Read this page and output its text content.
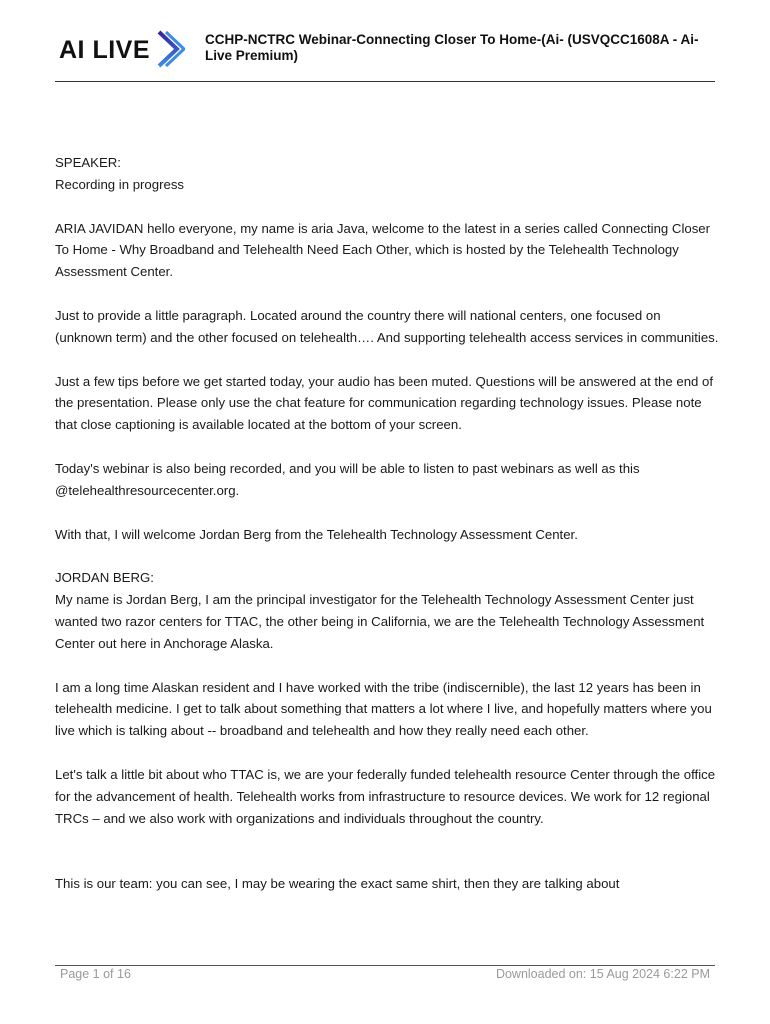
AI LIVE	CCHP-NCTRC Webinar-Connecting Closer To Home-(Ai- (USVQCC1608A - Ai-Live Premium)

SPEAKER:

Recording in progress

ARIA JAVIDAN hello everyone, my name is aria Java, welcome to the latest in a series called Connecting Closer To Home - Why Broadband and Telehealth Need Each Other, which is hosted by the Telehealth Technology Assessment Center.

Just to provide a little paragraph. Located around the country there will national centers, one focused on (unknown term) and the other focused on telehealth…. And supporting telehealth access services in communities.

Just a few tips before we get started today, your audio has been muted. Questions will be answered at the end of the presentation. Please only use the chat feature for communication regarding technology issues. Please note that close captioning is available located at the bottom of your screen.

Today's webinar is also being recorded, and you will be able to listen to past webinars as well as this @telehealthresourcecenter.org.

With that, I will welcome Jordan Berg from the Telehealth Technology Assessment Center.

JORDAN BERG:

My name is Jordan Berg, I am the principal investigator for the Telehealth Technology Assessment Center just wanted two razor centers for TTAC, the other being in California, we are the Telehealth Technology Assessment Center out here in Anchorage Alaska.

I am a long time Alaskan resident and I have worked with the tribe (indiscernible), the last 12 years has been in telehealth medicine. I get to talk about something that matters a lot where I live, and hopefully matters where you live which is talking about -- broadband and telehealth and how they really need each other.

Let's talk a little bit about who TTAC is, we are your federally funded telehealth resource Center through the office for the advancement of health. Telehealth works from infrastructure to resource devices. We work for 12 regional TRCs – and we also work with organizations and individuals throughout the country.

This is our team: you can see, I may be wearing the exact same shirt, then they are talking about

Page 1 of 16	Downloaded on: 15 Aug 2024 6:22 PM
